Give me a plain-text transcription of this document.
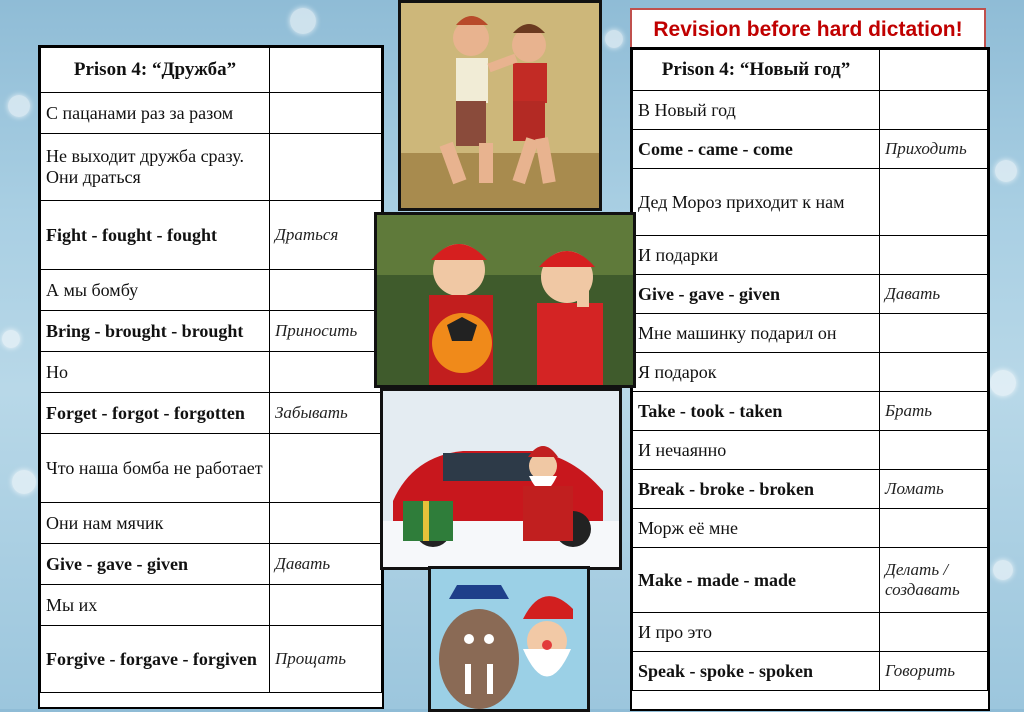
Revision before hard dictation!
Prison 4: “Дружба”	
С пацанами раз за разом	
Не выходит дружба сразу.
Они драться	
Fight - fought - fought	Драться
А мы бомбу	
Bring - brought - brought	Приносить
Но	
Forget - forgot - forgotten	Забывать
Что наша бомба не работает	
Они нам мячик	
Give - gave - given	Давать
Мы их	
Forgive - forgave - forgiven	Прощать
Prison 4: “Новый год”	
В Новый год	
Come - came - come	Приходить
Дед Мороз приходит к нам	
И подарки	
Give - gave - given	Давать
Мне машинку подарил он	
Я подарок	
Take - took - taken	Брать
И нечаянно	
Break - broke - broken	Ломать
Морж её мне	
Make - made - made	Делать / создавать
И про это	
Speak - spoke - spoken	Говорить
